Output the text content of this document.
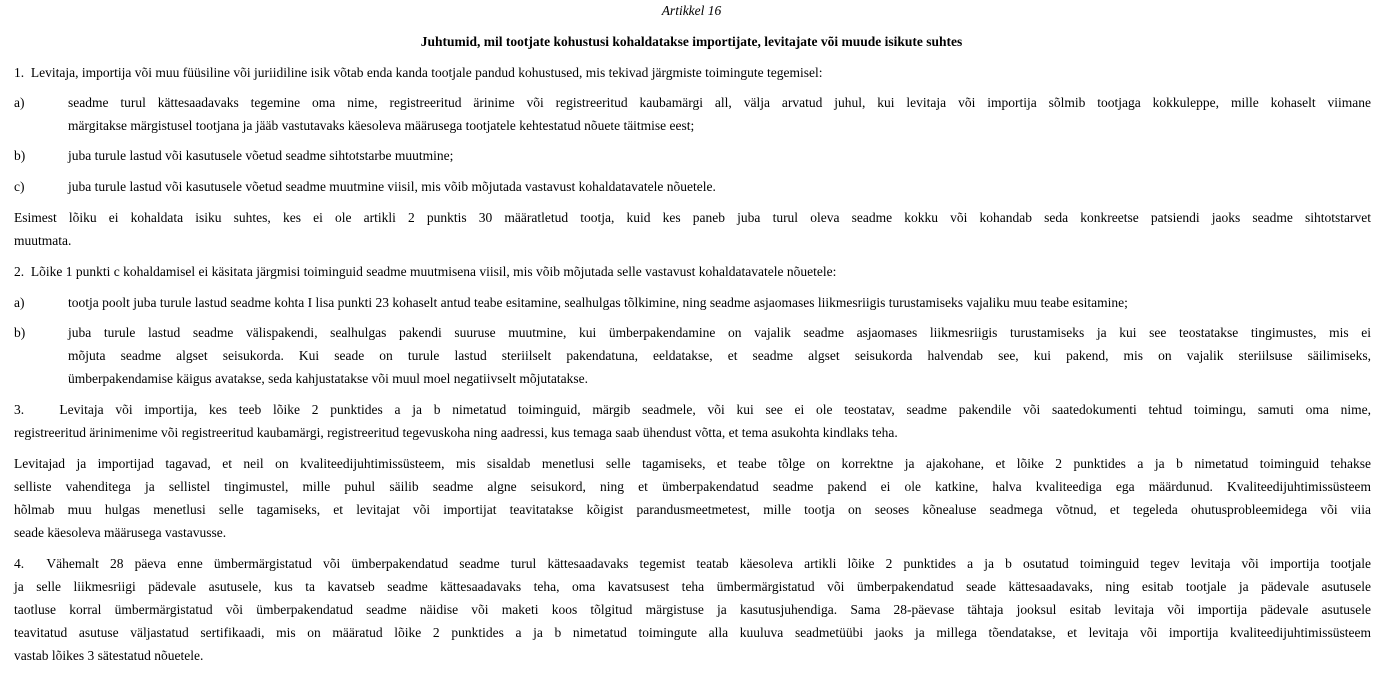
Artikkel 16
Juhtumid, mil tootjate kohustusi kohaldatakse importijate, levitajate või muude isikute suhtes
1.  Levitaja, importija või muu füüsiline või juriidiline isik võtab enda kanda tootjale pandud kohustused, mis tekivad järgmiste toimingute tegemisel:
a)	seadme turul kättesaadavaks tegemine oma nime, registreeritud ärinime või registreeritud kaubamärgi all, välja arvatud juhul, kui levitaja või importija sõlmib tootjaga kokkuleppe, mille kohaselt viimane
märgitakse märgistusel tootjana ja jääb vastutavaks käesoleva määrusega tootjatele kehtestatud nõuete täitmise eest;
b)	juba turule lastud või kasutusele võetud seadme sihtotstarbe muutmine;
c)	juba turule lastud või kasutusele võetud seadme muutmine viisil, mis võib mõjutada vastavust kohaldatavatele nõuetele.
Esimest lõiku ei kohaldata isiku suhtes, kes ei ole artikli 2 punktis 30 määratletud tootja, kuid kes paneb juba turul oleva seadme kokku või kohandab seda konkreetse patsiendi jaoks seadme sihtotstarvet
muutmata.
2.  Lõike 1 punkti c kohaldamisel ei käsitata järgmisi toiminguid seadme muutmisena viisil, mis võib mõjutada selle vastavust kohaldatavatele nõuetele:
a)	tootja poolt juba turule lastud seadme kohta I lisa punkti 23 kohaselt antud teabe esitamine, sealhulgas tõlkimine, ning seadme asjaomases liikmesriigis turustamiseks vajaliku muu teabe esitamine;
b)	juba turule lastud seadme välispakendi, sealhulgas pakendi suuruse muutmine, kui ümberpakendamine on vajalik seadme asjaomases liikmesriigis turustamiseks ja kui see teostatakse tingimustes, mis ei
mõjuta seadme algset seisukorda. Kui seade on turule lastud steriilselt pakendatuna, eeldatakse, et seadme algset seisukorda halvendab see, kui pakend, mis on vajalik steriilsuse säilimiseks,
ümberpakendamise käigus avatakse, seda kahjustatakse või muul moel negatiivselt mõjutatakse.
3.   Levitaja või importija, kes teeb lõike 2 punktides a ja b nimetatud toiminguid, märgib seadmele, või kui see ei ole teostatav, seadme pakendile või saatedokumenti tehtud toimingu, samuti oma nime,
registreeritud ärinimenime või registreeritud kaubamärgi, registreeritud tegevuskoha ning aadressi, kus temaga saab ühendust võtta, et tema asukohta kindlaks teha.
Levitajad ja importijad tagavad, et neil on kvaliteedijuhtimissüsteem, mis sisaldab menetlusi selle tagamiseks, et teabe tõlge on korrektne ja ajakohane, et lõike 2 punktides a ja b nimetatud toiminguid tehakse
selliste vahenditega ja sellistel tingimustel, mille puhul säilib seadme algne seisukord, ning et ümberpakendatud seadme pakend ei ole katkine, halva kvaliteediga ega määrdunud. Kvaliteedijuhtimissüsteem
hõlmab muu hulgas menetlusi selle tagamiseks, et levitajat või importijat teavitatakse kõigist parandusmeetmetest, mille tootja on seoses kõnealuse seadmega võtnud, et tegeleda ohutusprobleemidega või viia
seade käesoleva määrusega vastavusse.
4.  Vähemalt 28 päeva enne ümbermärgistatud või ümberpakendatud seadme turul kättesaadavaks tegemist teatab käesoleva artikli lõike 2 punktides a ja b osutatud toiminguid tegev levitaja või importija tootjale
ja selle liikmesriigi pädevale asutusele, kus ta kavatseb seadme kättesaadavaks teha, oma kavatsusest teha ümbermärgistatud või ümberpakendatud seade kättesaadavaks, ning esitab tootjale ja pädevale asutusele
taotluse korral ümbermärgistatud või ümberpakendatud seadme näidise või maketi koos tõlgitud märgistuse ja kasutusjuhendiga. Sama 28-päevase tähtaja jooksul esitab levitaja või importija pädevale asutusele
teavitatud asutuse väljastatud sertifikaadi, mis on määratud lõike 2 punktides a ja b nimetatud toimingute alla kuuluva seadmetüübi jaoks ja millega tõendatakse, et levitaja või importija kvaliteedijuhtimissüsteem
vastab lõikes 3 sätestatud nõuetele.
